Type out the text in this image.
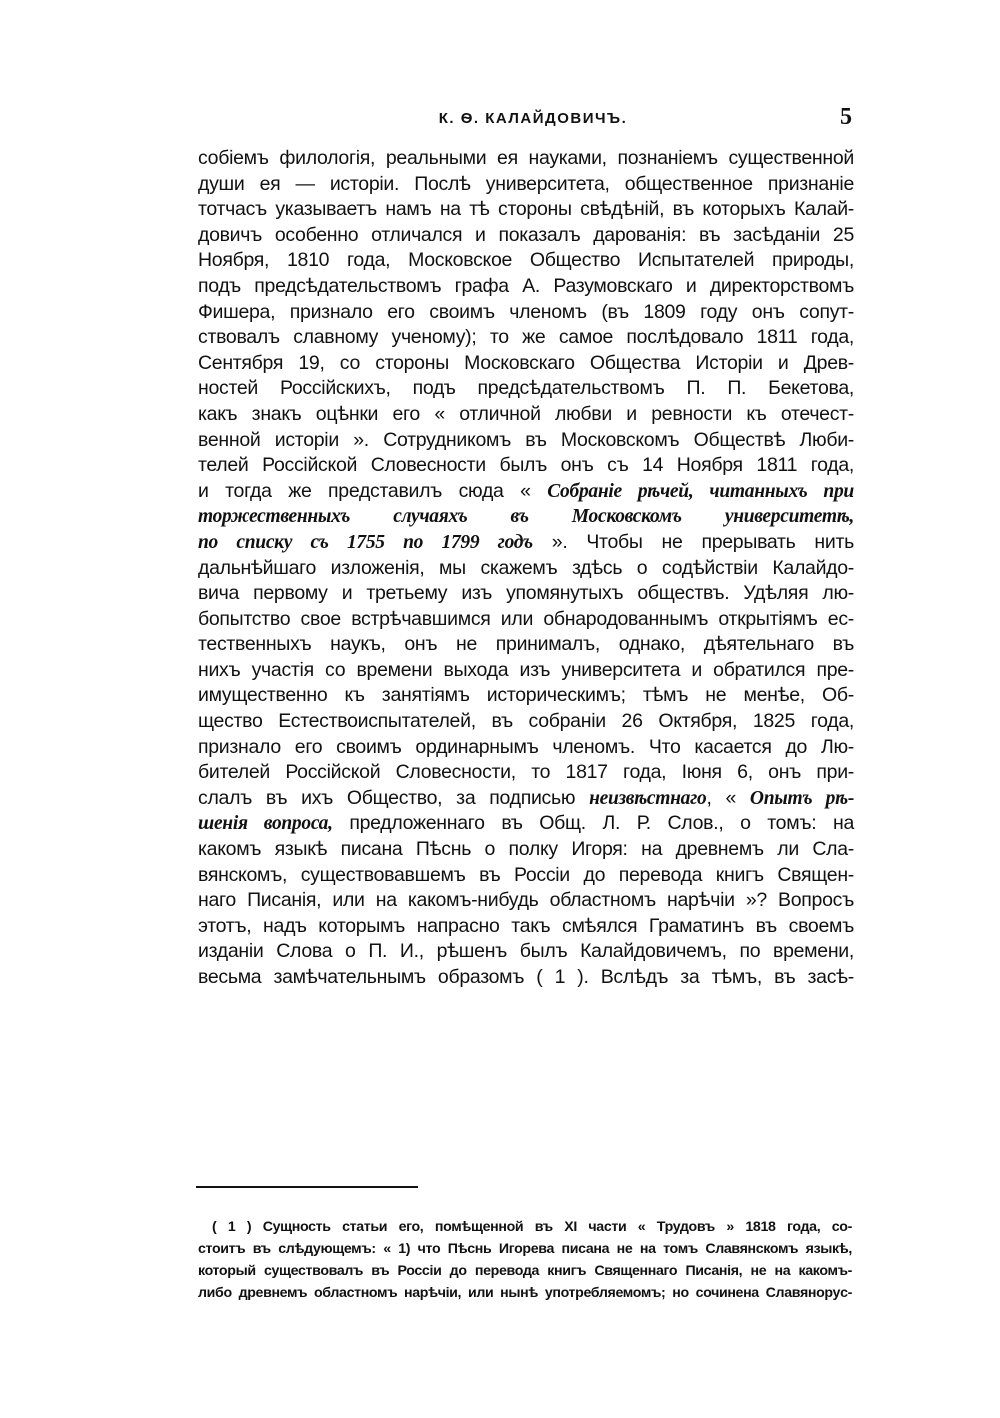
К. Ѳ. КАЛАЙДОВИЧЪ.	5
собіемъ филологія, реальными ея науками, познаніемъ существенной
души ея — исторіи. Послѣ университета, общественное признаніе
тотчасъ указываетъ намъ на тѣ стороны свѣдѣній, въ которыхъ Калай-
довичъ особенно отличался и показалъ дарованія: въ засѣданіи 25
Ноября, 1810 года, Московское Общество Испытателей природы,
подъ предсѣдательствомъ графа А. Разумовскаго и директорствомъ
Фишера, признало его своимъ членомъ (въ 1809 году онъ сопут-
ствовалъ славному ученому); то же самое послѣдовало 1811 года,
Сентября 19, со стороны Московскаго Общества Исторіи и Древ-
ностей Россійскихъ, подъ предсѣдательствомъ П. П. Бекетова,
какъ знакъ оцѣнки его « отличной любви и ревности къ отечест-
венной исторіи ». Сотрудникомъ въ Московскомъ Обществѣ Люби-
телей Россійской Словесности былъ онъ съ 14 Ноября 1811 года,
и тогда же представилъ сюда « Собраніе рѣчей, читанныхъ при
торжественныхъ случаяхъ въ Московскомъ университетѣ,
по списку съ 1755 по 1799 годъ ». Чтобы не прерывать нить
дальнѣйшаго изложенія, мы скажемъ здѣсь о содѣйствіи Калайдо-
вича первому и третьему изъ упомянутыхъ обществъ. Удѣляя лю-
бопытство свое встрѣчавшимся или обнародованнымъ открытіямъ ес-
тественныхъ наукъ, онъ не принималъ, однако, дѣятельнаго въ
нихъ участія со времени выхода изъ университета и обратился пре-
имущественно къ занятіямъ историческимъ; тѣмъ не менѣе, Об-
щество Естествоиспытателей, въ собраніи 26 Октября, 1825 года,
признало его своимъ ординарнымъ членомъ. Что касается до Лю-
бителей Россійской Словесности, то 1817 года, Іюня 6, онъ при-
слалъ въ ихъ Общество, за подписью неизвѣстнаго, « Опытъ рѣ-
шенія вопроса, предложеннаго въ Общ. Л. Р. Слов., о томъ: на
какомъ языкѣ писана Пѣснь о полку Игоря: на древнемъ ли Сла-
вянскомъ, существовавшемъ въ Россіи до перевода книгъ Священ-
наго Писанія, или на какомъ-нибудь областномъ нарѣчіи »? Вопросъ
этотъ, надъ которымъ напрасно такъ смѣялся Граматинъ въ своемъ
изданіи Слова о П. И., рѣшенъ былъ Калайдовичемъ, по времени,
весьма замѣчательнымъ образомъ ( 1 ). Вслѣдъ за тѣмъ, въ засѣ-
( 1 ) Сущность статьи его, помѣщенной въ XI части « Трудовъ » 1818 года, со-
стоитъ въ слѣдующемъ: « 1) что Пѣснь Игорева писана не на томъ Славянскомъ языкѣ,
который существовалъ въ Россіи до перевода книгъ Священнаго Писанія, не на какомъ-
либо древнемъ областномъ нарѣчіи, или нынѣ употребляемомъ; но сочинена Славяноруc-
